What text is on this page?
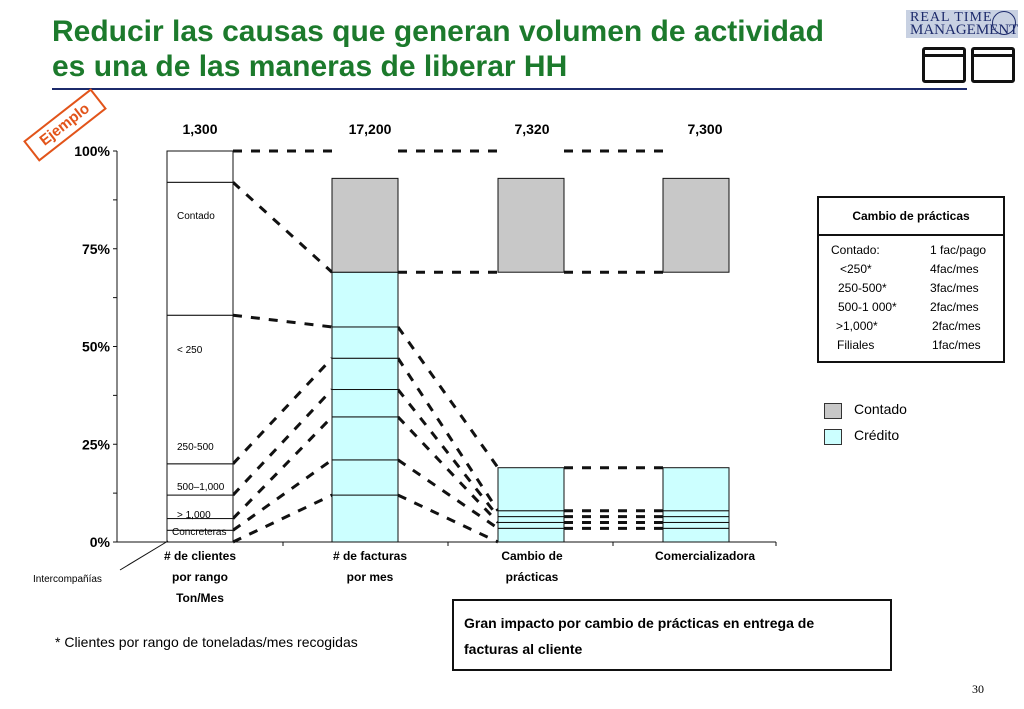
Reducir las causas que generan volumen de actividad
es una de las maneras de liberar HH
REAL TIME
MANAGEMENT
Ejemplo
0%
25%
50%
75%
100%
1,300	17,200	7,320	7,300
# de clientes
por rango
Ton/Mes
# de facturas
por mes
Cambio de
prácticas
Comercializadora
Intercompañías
Concreteras
> 1,000
500–1,000
250-500
< 250
Contado	Cambio de prácticas
Contado:	1 fac/pago
<250*	4fac/mes
250-500*	3fac/mes
500-1 000*	2fac/mes
>1,000*	2fac/mes
Filiales	1fac/mes
Contado
Crédito
Gran impacto por cambio de prácticas en entrega de
facturas al cliente
* Clientes por rango de toneladas/mes recogidas
30
